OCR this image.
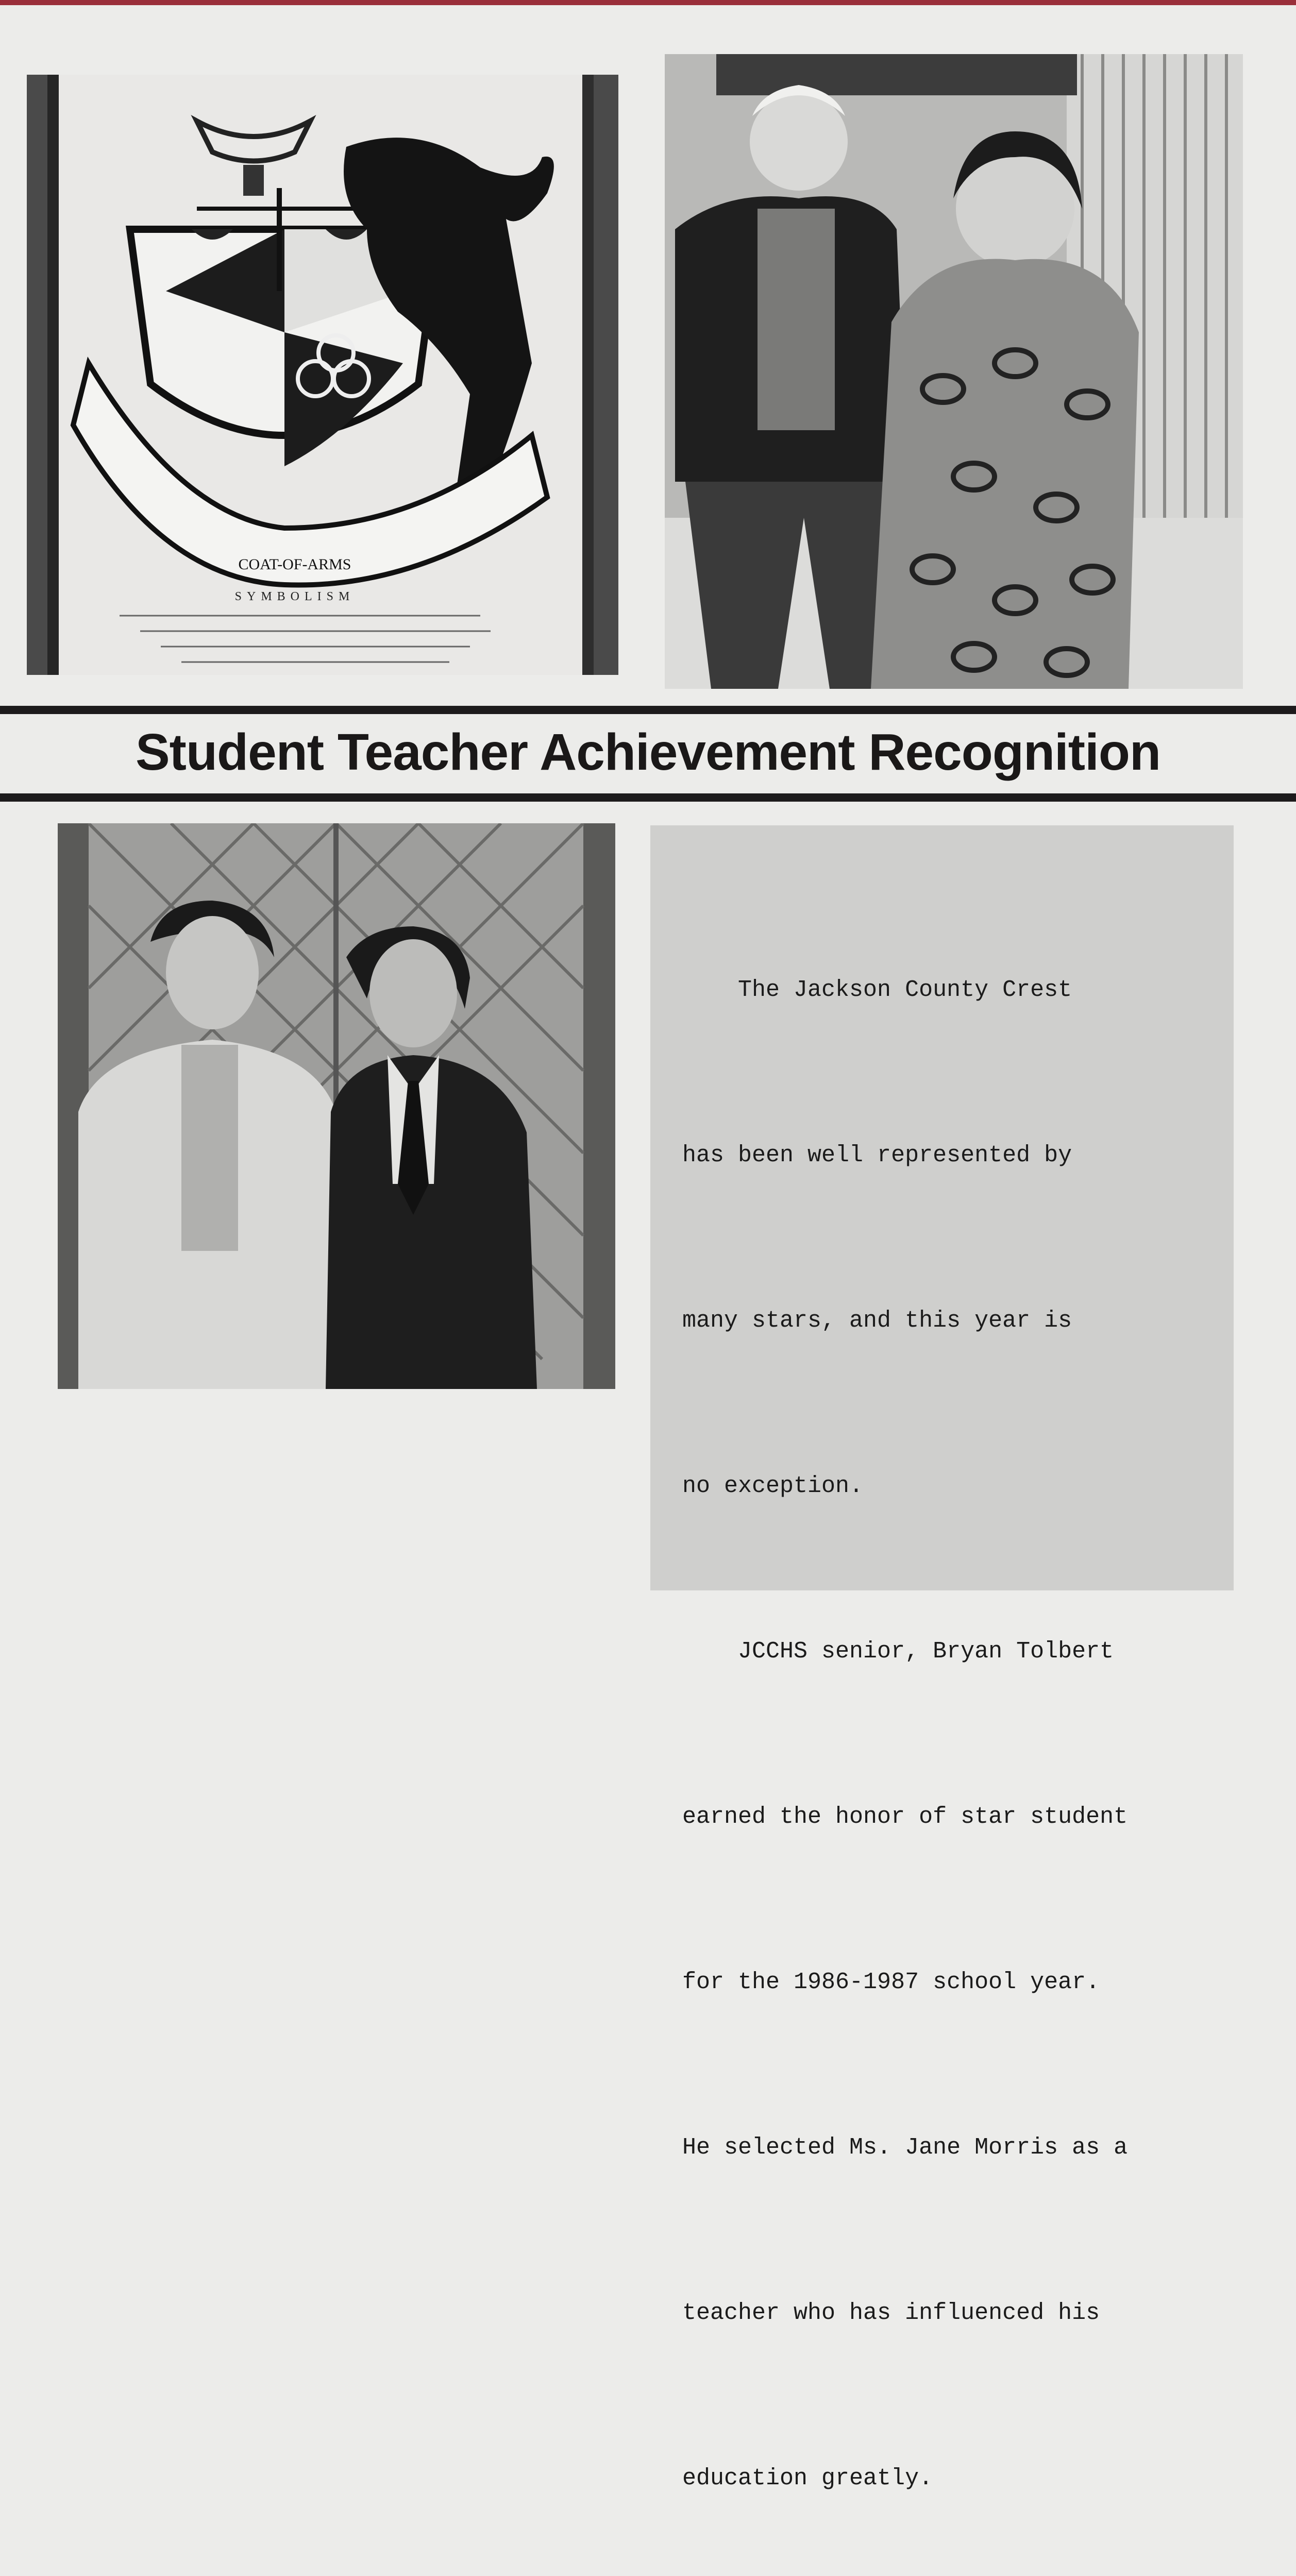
COAT-OF-ARMS
SYMBOLISM
Student Teacher Achievement Recognition

The Jackson County Crest

has been well represented by

many stars, and this year is

no exception.

JCCHS senior, Bryan Tolbert

earned the honor of star student

for the 1986-1987 school year.

He selected Ms. Jane Morris as a

teacher who has influenced his

education greatly.
